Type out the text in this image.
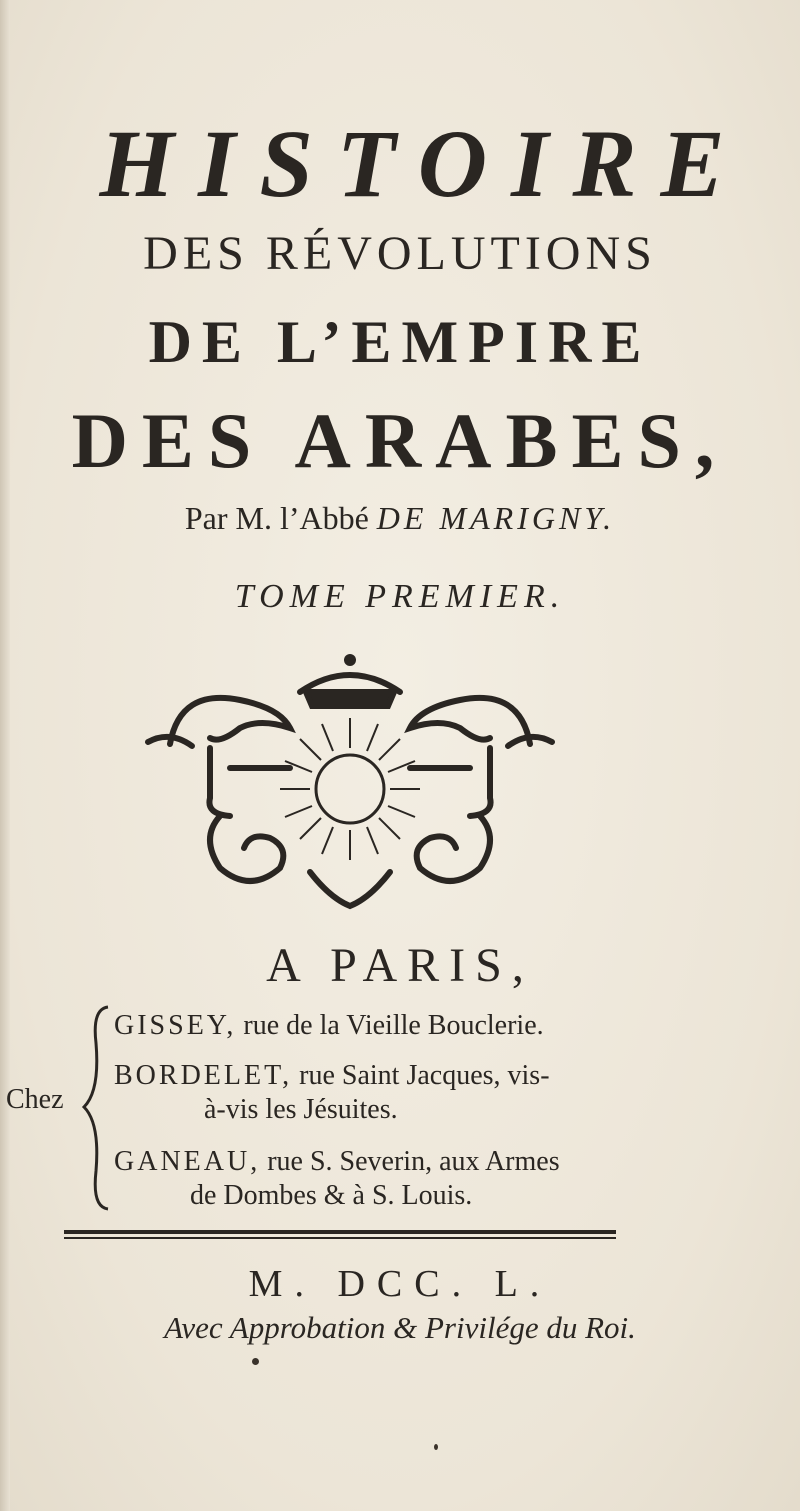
HISTOIRE
DES RÉVOLUTIONS
DE L’EMPIRE
DES ARABES,
Par M. l’Abbé DE MARIGNY.
TOME PREMIER.
A PARIS,
Chez
GISSEY, rue de la Vieille Bouclerie.
BORDELET, rue Saint Jacques, vis-
à-vis les Jésuites.
GANEAU, rue S. Severin, aux Armes
de Dombes & à S. Louis.
M. DCC. L.
Avec Approbation & Privilége du Roi.
